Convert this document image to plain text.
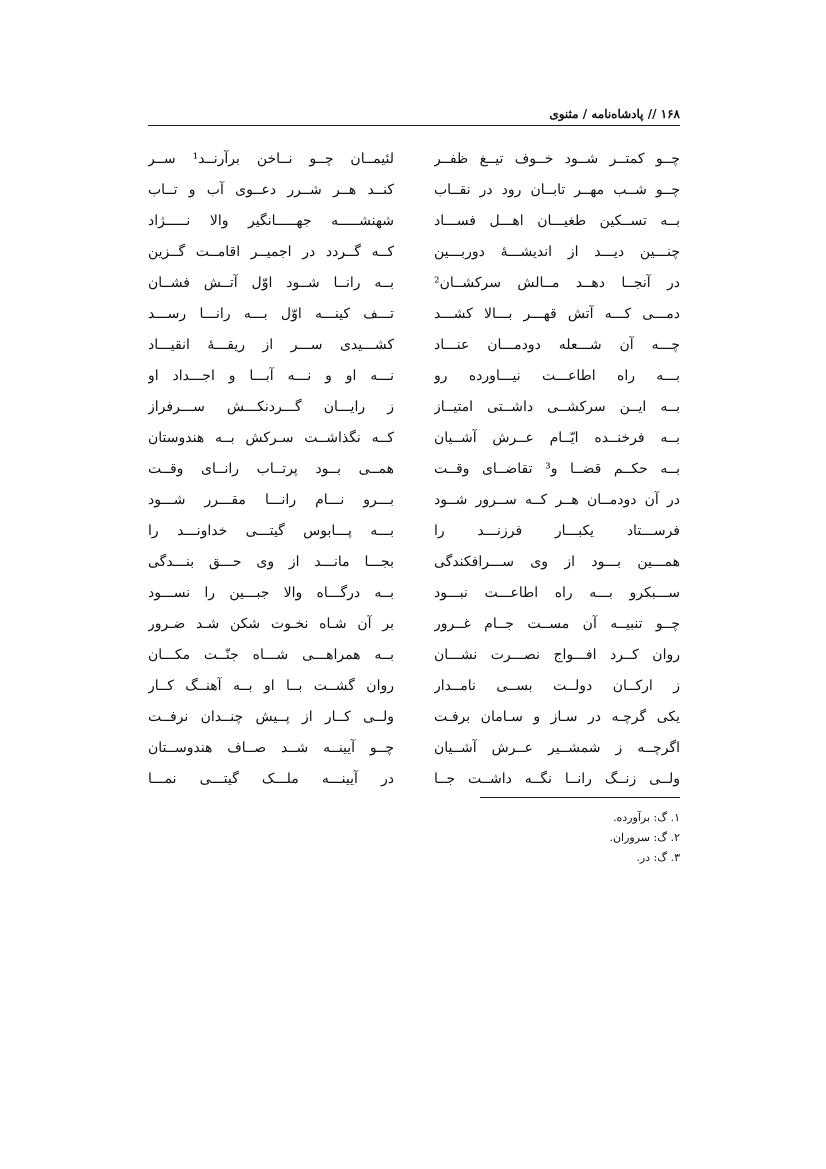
۱۶۸ // پادشاه‌نامه / مثنوی
چــو کمتــر شــود خــوف تیــغ ظفــر
لئیمــان چــو نــاخن برآرنــد¹ ســر
چــو شــب مهــر تابــان رود در نقــاب
کنــد هــر شــرر دعــوی آب و تــاب
بــه تســکین طغیـــان اهـــل فســـاد
شهنشـــــه جهـــــانگیر والا نـــــژاد
چنـــین دیـــد از اندیشـــهٔ دوربـــین
کــه گــردد در اجمیــر اقامــت گــزین
در آنجــا دهــد مــالش سرکشــان²
بــه رانــا شــود اوّل آتــش فشــان
دمـــی کـــه آتش قهـــر بـــالا کشـــد
تـــف کینـــه اوّل بـــه رانـــا رســـد
چـــه آن شـــعله دودمـــان عنـــاد
کشـــیدی ســـر از ریقـــهٔ انقیـــاد
بـــه راه اطاعـــت نیـــاورده رو
نـــه او و نـــه آبـــا و اجـــداد او
بــه ایــن سرکشــی داشــتی امتیــاز
ز رایـــان گـــردنکـــش ســـرفراز
بــه فرخنــده ایّــام عــرش آشــیان
کــه نگذاشــت سـرکش بــه هندوستان
بــه حکــم قضــا و³ تقاضــای وقــت
همــی بــود پرتــاب رانــای وقــت
در آن دودمــان هــر کــه ســرور شــود
بـــرو نـــام رانـــا مقـــرر شـــود
فرســـتاد یکبـــار فرزنـــد را
بـــه پـــابوس گیتـــی خداونـــد را
همـــین بـــود از وی ســـرافکندگی
بجـــا مانـــد از وی حـــق بنـــدگی
ســـبکرو بـــه راه اطاعـــت نبـــود
بــه درگـــاه والا جبـــین را نســـود
چــو تنبیــه آن مســت جــام غــرور
بر آن شـاه نخـوت شکن شـد ضـرور
روان کــرد افـــواج نصـــرت نشـــان
بــه همراهـــی شـــاه جنّــت مکـــان
ز ارکــان دولــت بســی نامــدار
روان گشــت بــا او بــه آهنــگ کــار
یکی گرچـه در سـاز و سـامان برفـت
ولــی کــار از پــیش چنــدان نرفــت
اگرچــه ز شمشــیر عــرش آشــیان
چــو آیینــه شــد صــاف هندوســتان
ولــی زنــگ رانــا نگــه داشــت جــا
در آیینـــه ملـــک گیتـــی نمـــا
۱. گ: برآورده.
۲. گ: سروران.
۳. گ: در.
